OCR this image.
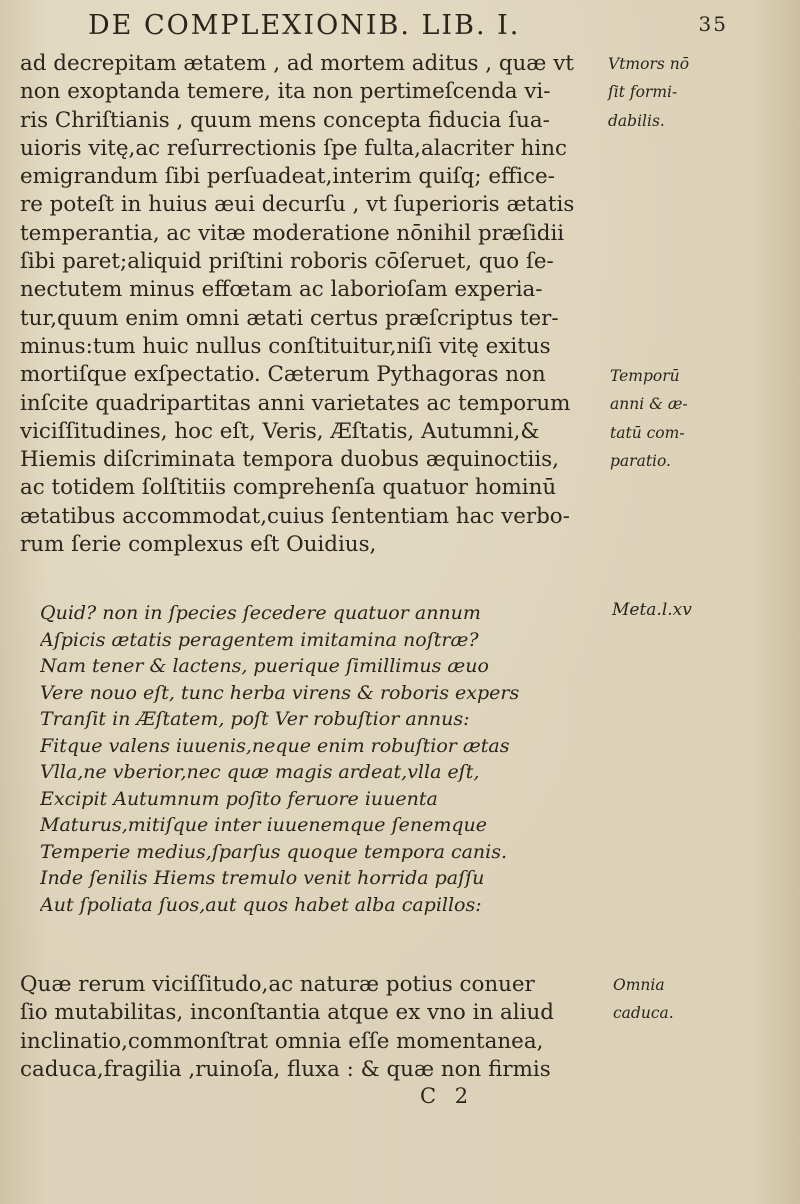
DE COMPLEXIONIB. LIB. I.	35
ad decrepitam ætatem , ad mortem aditus , quæ vt
non exoptanda temere, ita non pertimeſcenda vi-
ris Chriſtianis , quum mens concepta fiducia ſua-
uioris vitę,ac reſurrectionis ſpe fulta,alacriter hinc
emigrandum ſibi perſuadeat,interim quiſq; efficе-
re poteſt in huius æui decurſu , vt ſuperioris ætatis
temperantia, ac vitæ moderatione nōnihil præſidii
ſibi paret;aliquid priſtini roboris cōſeruet, quo ſe-
nectutem minus effœtam ac laborioſam experia-
tur,quum enim omni ætati certus præſcriptus ter-
minus:tum huic nullus conſtituitur,niſi vitę exitus
mortiſque exſpectatio. Cæterum Pythagoras non
inſcite quadripartitas anni varietates ac temporum
viciſſitudines, hoc eſt, Veris, Æſtatis, Autumni,&
Hiemis diſcriminata tempora duobus æquinoctiis,
ac totidem ſolſtitiis comprehenſa quatuor hominū
ætatibus accommodat,cuius ſententiam hac verbo-
rum ſerie complexus eſt Ouidius,
Vtmors nō
ſit formi-
dabilis.
Temporū
anni & æ-
tatū com-
paratio.
Quid? non in ſpecies ſecedere quatuor annum
Aſpicis ætatis peragentem imitamina noſtræ?
Nam tener & lactens, puerique ſimillimus æuo
Vere nouo eſt, tunc herba virens & roboris expers
Tranſit in Æſtatem, poſt Ver robuſtior annus:
Fitque valens iuuenis,neque enim robuſtior ætas
Vlla,ne vberior,nec quæ magis ardeat,vlla eſt,
Excipit Autumnum poſito feruore iuuenta
Maturus,mitiſque inter iuuenemque ſenemque
Temperie medius,ſparſus quoque tempora canis.
Inde ſenilis Hiems tremulo venit horrida paſſu
Aut ſpoliata ſuos,aut quos habet alba capillos:
Meta.l.xv
Quæ rerum viciſſitudo,ac naturæ potius conuer
ſio mutabilitas, inconſtantia atque ex vno in aliud
inclinatio,commonſtrat omnia eſſe momentanea,
caduca,fragilia ,ruinoſa, fluxa : & quæ non firmis
Omnia
caduca.
C 2
